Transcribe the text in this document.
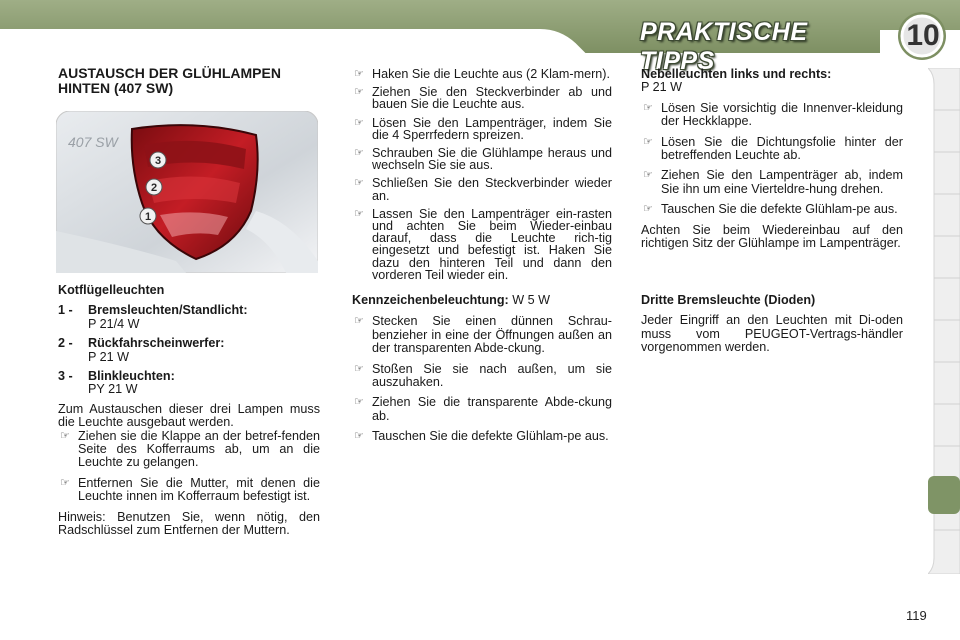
PRAKTISCHE TIPPS
10
AUSTAUSCH DER GLÜHLAMPEN
HINTEN (407 SW)
407 SW
3
2
1

Kotflügelleuchten

1 - Bremsleuchten/Standlicht:
P 21/4 W
2 - Rückfahrscheinwerfer:
P 21 W
3 - Blinkleuchten:
PY 21 W

Zum Austauschen dieser drei Lampen muss die Leuchte ausgebaut werden.

☞ Ziehen sie die Klappe an der betref-fenden Seite des Kofferraums ab, um an die Leuchte zu gelangen.
☞ Entfernen Sie die Mutter, mit denen die Leuchte innen im Kofferraum befestigt ist.

Hinweis: Benutzen Sie, wenn nötig, den Radschlüssel zum Entfernen der Muttern.

☞ Haken Sie die Leuchte aus (2 Klam-mern).
☞ Ziehen Sie den Steckverbinder ab und bauen Sie die Leuchte aus.
☞ Lösen Sie den Lampenträger, indem Sie die 4 Sperrfedern spreizen.
☞ Schrauben Sie die Glühlampe heraus und wechseln Sie sie aus.
☞ Schließen Sie den Steckverbinder wieder an.
☞ Lassen Sie den Lampenträger ein-rasten und achten Sie beim Wieder-einbau darauf, dass die Leuchte rich-tig eingesetzt und befestigt ist. Haken Sie dazu den hinteren Teil und dann den vorderen Teil wieder ein.

Kennzeichenbeleuchtung: W 5 W

☞ Stecken Sie einen dünnen Schrau-benzieher in eine der Öffnungen außen an der transparenten Abde-ckung.
☞ Stoßen Sie sie nach außen, um sie auszuhaken.
☞ Ziehen Sie die transparente Abde-ckung ab.
☞ Tauschen Sie die defekte Glühlam-pe aus.

Nebelleuchten links und rechts:

P 21 W

☞ Lösen Sie vorsichtig die Innenver-kleidung der Heckklappe.
☞ Lösen Sie die Dichtungsfolie hinter der betreffenden Leuchte ab.
☞ Ziehen Sie den Lampenträger ab, indem Sie ihn um eine Vierteldre-hung drehen.
☞ Tauschen Sie die defekte Glühlam-pe aus.

Achten Sie beim Wiedereinbau auf den richtigen Sitz der Glühlampe im Lampenträger.

Dritte Bremsleuchte (Dioden)

Jeder Eingriff an den Leuchten mit Di-oden muss vom PEUGEOT-Vertrags-händler vorgenommen werden.

119
